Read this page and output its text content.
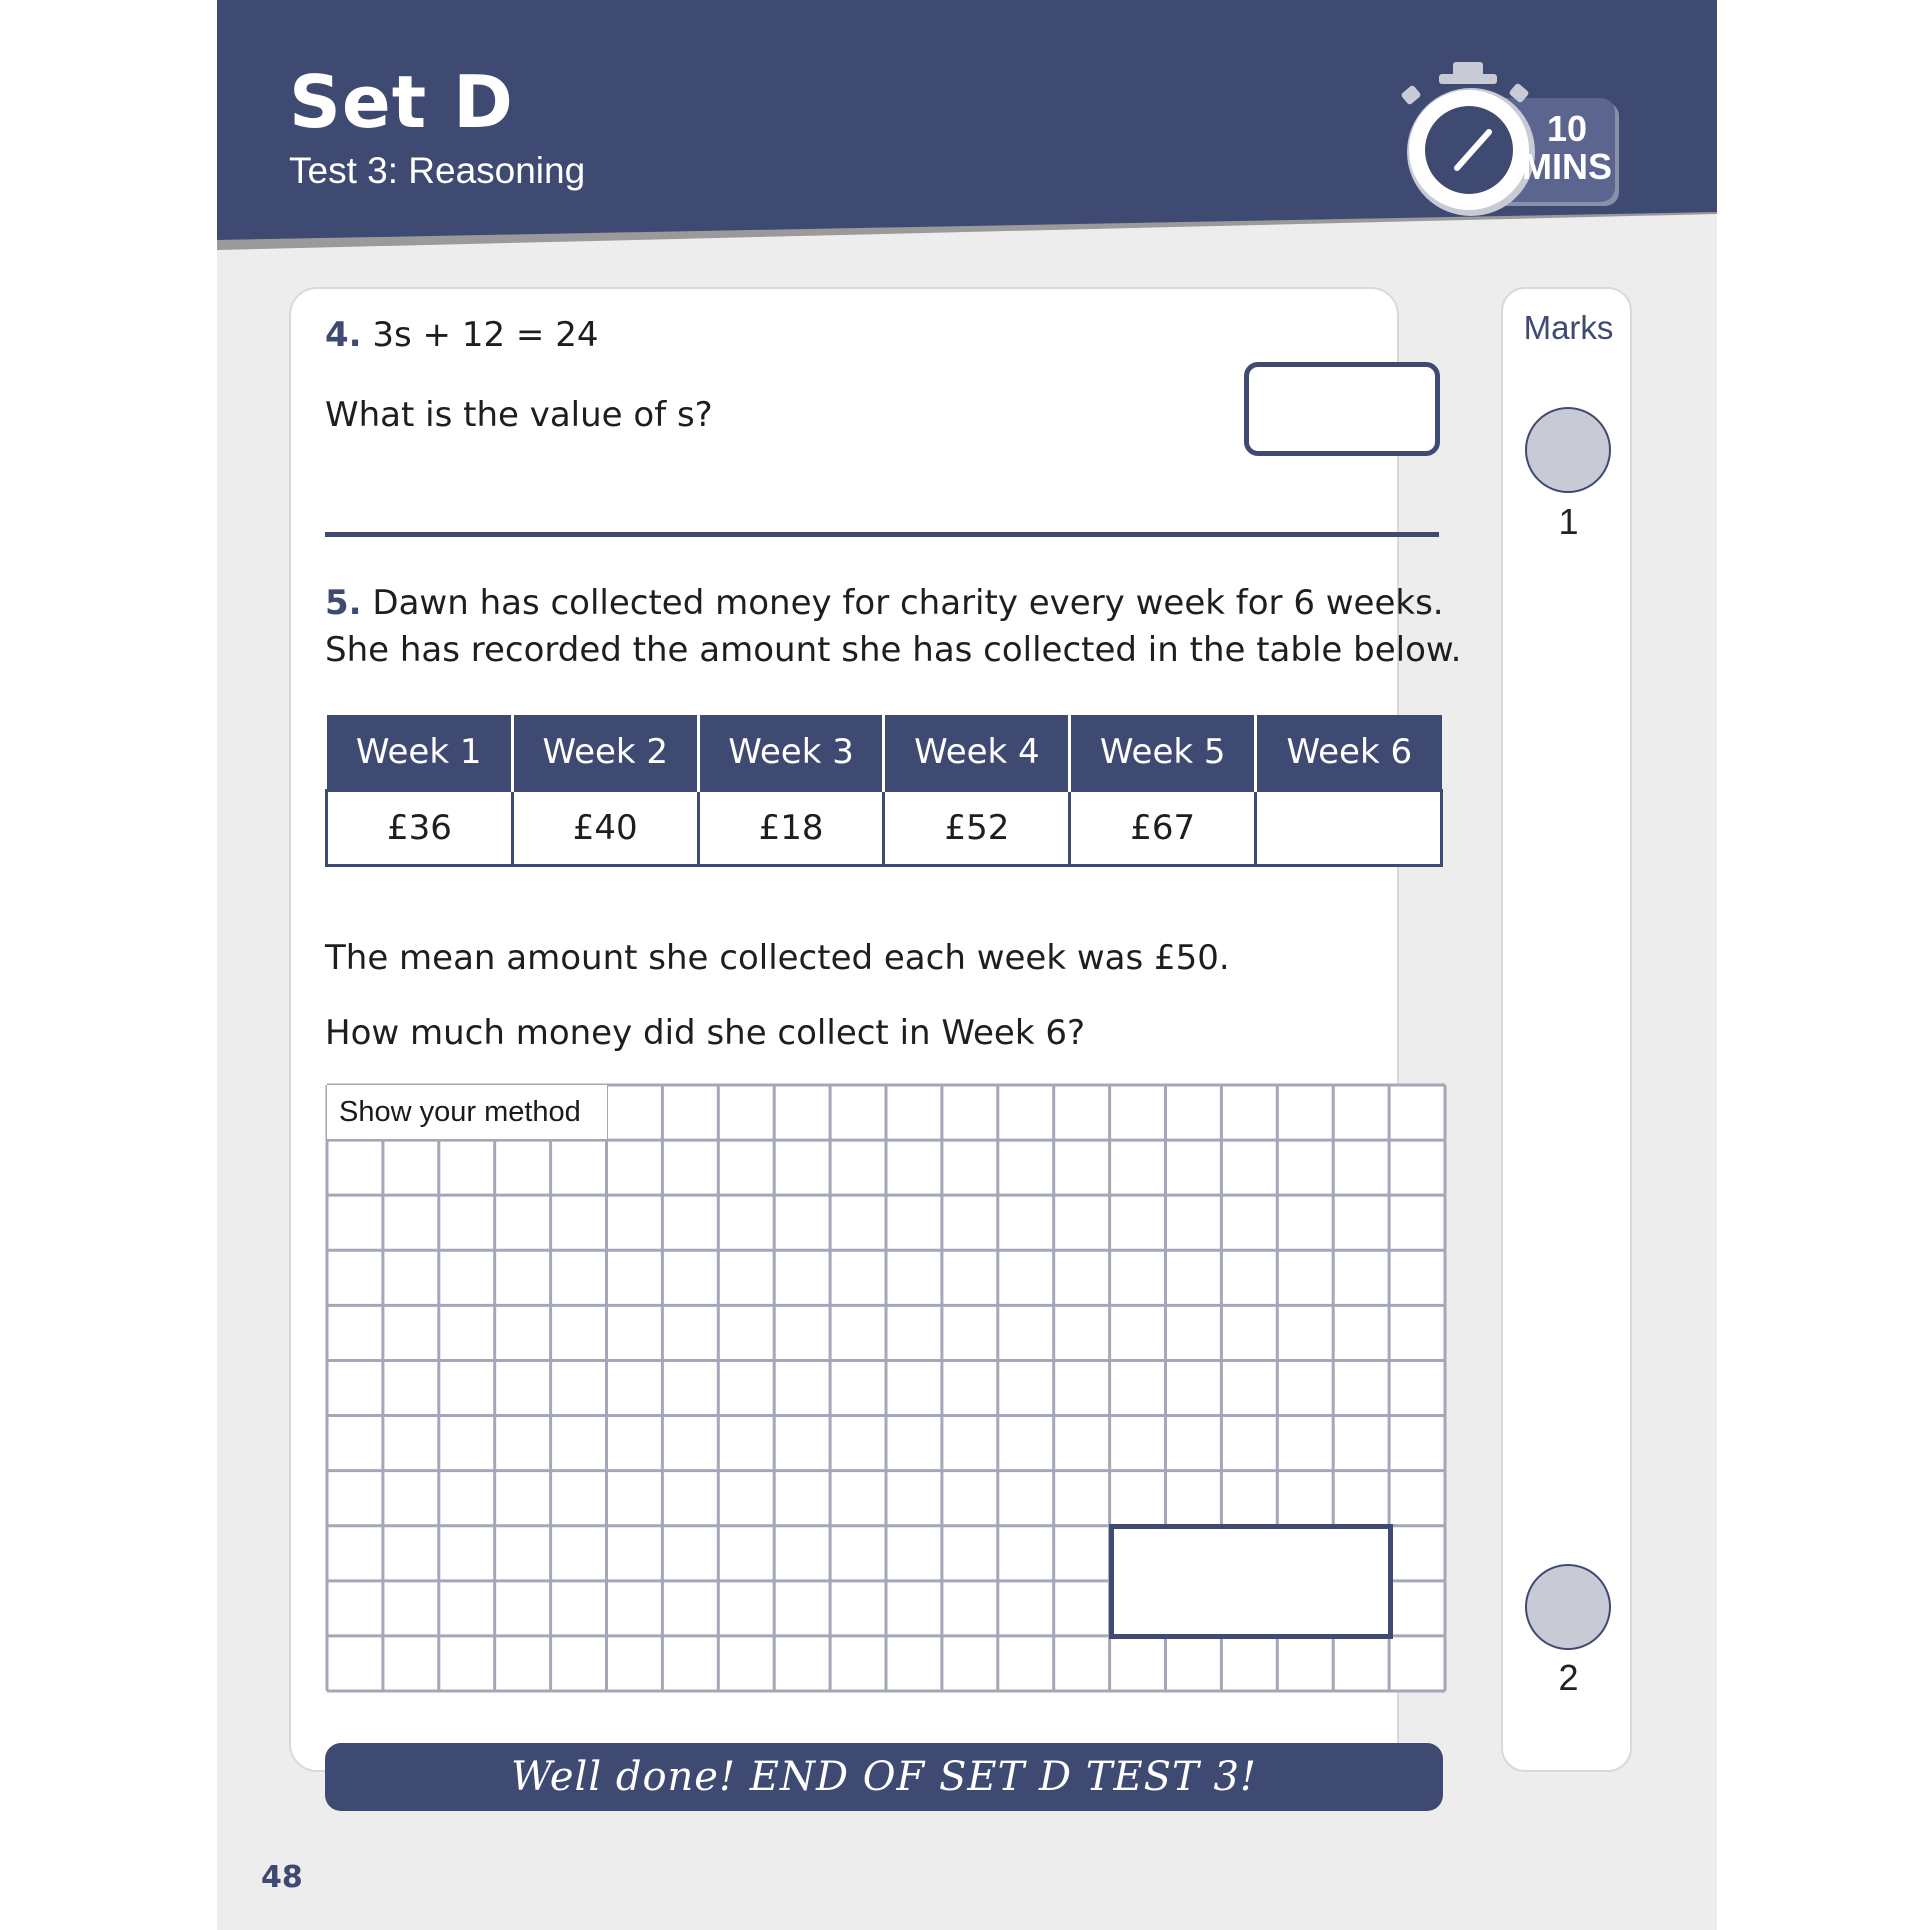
Set D
Test 3: Reasoning
10
MINS
4. 3s + 12 = 24
What is the value of s?
5. Dawn has collected money for charity every week for 6 weeks.
She has recorded the amount she has collected in the table below.
Week 1	Week 2	Week 3	Week 4	Week 5	Week 6
£36	£40	£18	£52	£67	
The mean amount she collected each week was £50.
How much money did she collect in Week 6?
Show your method
Marks
1
2
Well done! END OF SET D TEST 3!
48
